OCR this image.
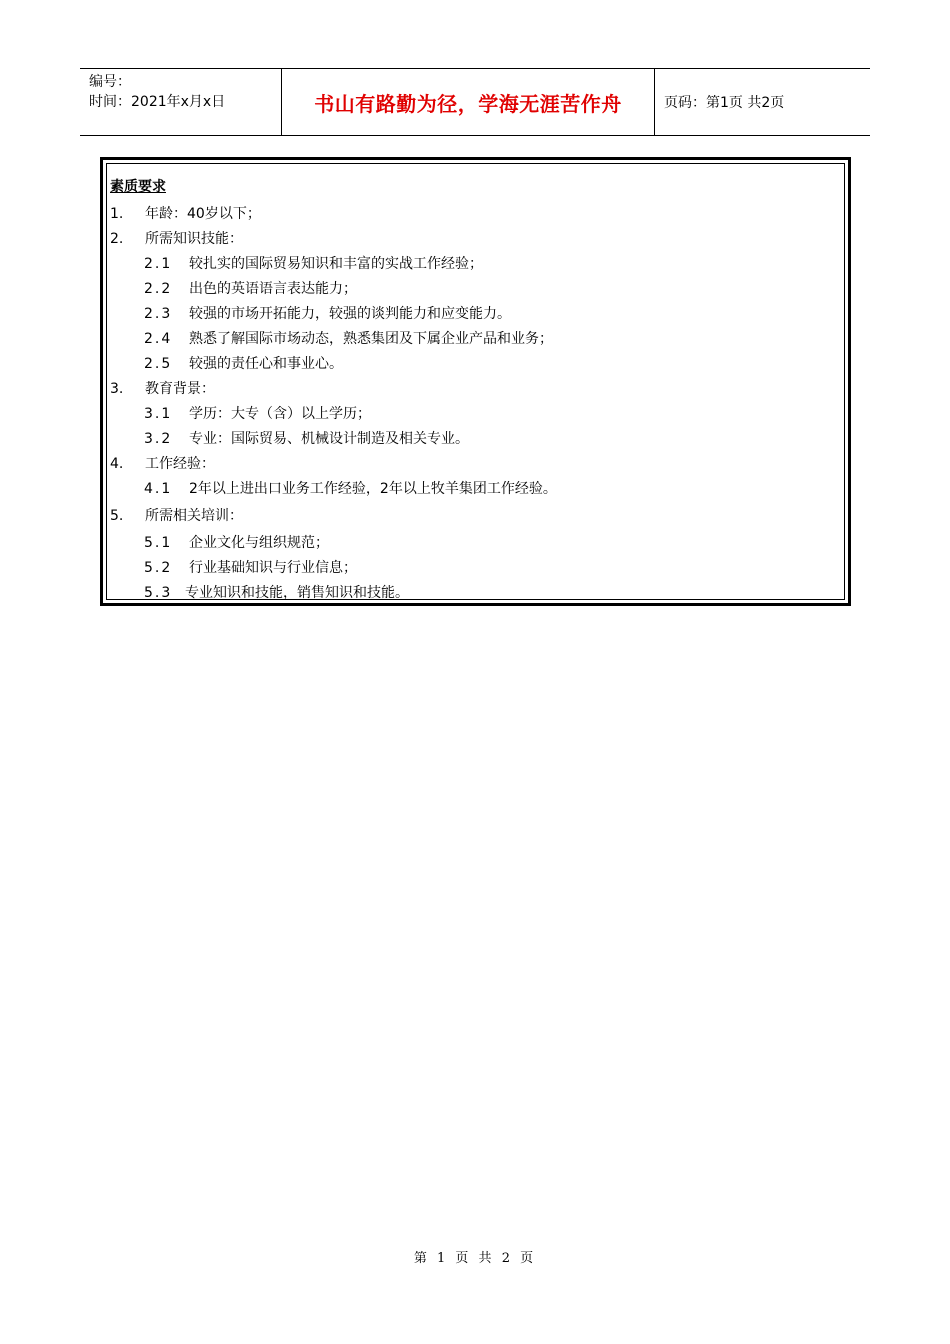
编号：
时间：2021年x月x日	书山有路勤为径，学海无涯苦作舟	页码：第1页 共2页
素质要求
1. 年龄：40岁以下；
2. 所需知识技能：
2.1 较扎实的国际贸易知识和丰富的实战工作经验；
2.2 出色的英语语言表达能力；
2.3 较强的市场开拓能力，较强的谈判能力和应变能力。
2.4 熟悉了解国际市场动态，熟悉集团及下属企业产品和业务；
2.5 较强的责任心和事业心。
3. 教育背景：
3.1 学历：大专（含）以上学历；
3.2 专业：国际贸易、机械设计制造及相关专业。
4. 工作经验：
4.1 2年以上进出口业务工作经验，2年以上牧羊集团工作经验。
5. 所需相关培训：
5.1 企业文化与组织规范；
5.2 行业基础知识与行业信息；
5.3 专业知识和技能，销售知识和技能。
第 1 页 共 2 页
